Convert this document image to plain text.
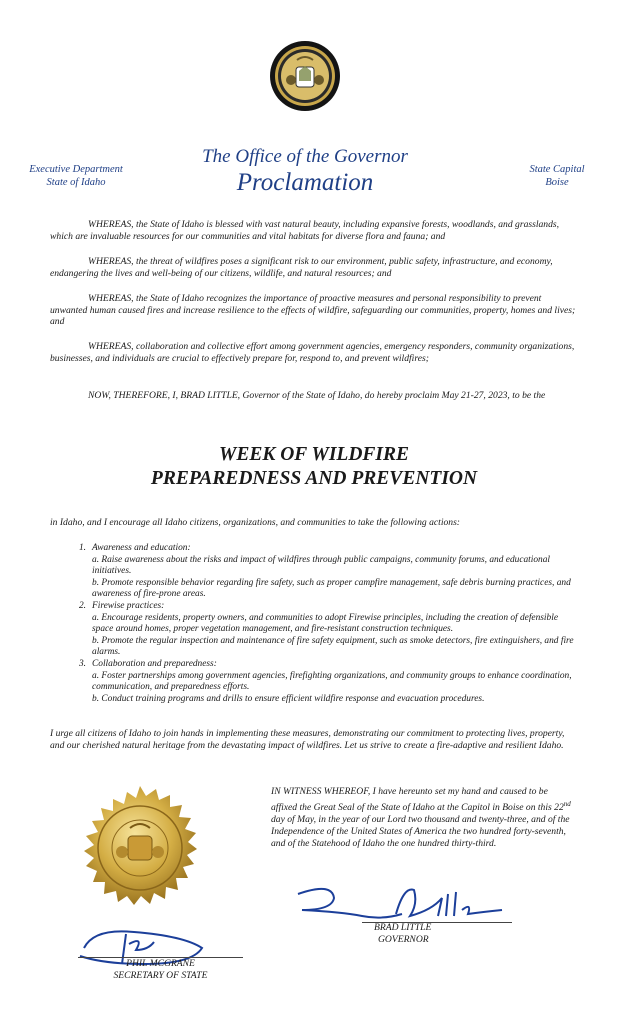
Executive Department
State of Idaho
The Office of the Governor
Proclamation	State Capital
Boise
WHEREAS, the State of Idaho is blessed with vast natural beauty, including expansive forests, woodlands, and grasslands, which are invaluable resources for our communities and vital habitats for diverse flora and fauna; and
WHEREAS, the threat of wildfires poses a significant risk to our environment, public safety, infrastructure, and economy, endangering the lives and well-being of our citizens, wildlife, and natural resources; and
WHEREAS, the State of Idaho recognizes the importance of proactive measures and personal responsibility to prevent unwanted human caused fires and increase resilience to the effects of wildfire, safeguarding our communities, property, homes and lives; and
WHEREAS, collaboration and collective effort among government agencies, emergency responders, community organizations, businesses, and individuals are crucial to effectively prepare for, respond to, and prevent wildfires;
NOW, THEREFORE, I, BRAD LITTLE, Governor of the State of Idaho, do hereby proclaim May 21-27, 2023, to be the
WEEK OF WILDFIRE
PREPAREDNESS AND PREVENTION
in Idaho, and I encourage all Idaho citizens, organizations, and communities to take the following actions:
1. Awareness and education:
a. Raise awareness about the risks and impact of wildfires through public campaigns, community forums, and educational initiatives.
b. Promote responsible behavior regarding fire safety, such as proper campfire management, safe debris burning practices, and awareness of fire-prone areas.
2. Firewise practices:
a. Encourage residents, property owners, and communities to adopt Firewise principles, including the creation of defensible space around homes, proper vegetation management, and fire-resistant construction techniques.
b. Promote the regular inspection and maintenance of fire safety equipment, such as smoke detectors, fire extinguishers, and fire alarms.
3. Collaboration and preparedness:
a. Foster partnerships among government agencies, firefighting organizations, and community groups to enhance coordination, communication, and preparedness efforts.
b. Conduct training programs and drills to ensure efficient wildfire response and evacuation procedures.
I urge all citizens of Idaho to join hands in implementing these measures, demonstrating our commitment to protecting lives, property, and our cherished natural heritage from the devastating impact of wildfires. Let us strive to create a fire-adaptive and resilient Idaho.
PHIL MCGRANE
SECRETARY OF STATE
IN WITNESS WHEREOF, I have hereunto set my hand and caused to be affixed the Great Seal of the State of Idaho at the Capitol in Boise on this 22nd day of May, in the year of our Lord two thousand and twenty-three, and of the Independence of the United States of America the two hundred forty-seventh, and of the Statehood of Idaho the one hundred thirty-third.
BRAD LITTLE
GOVERNOR
